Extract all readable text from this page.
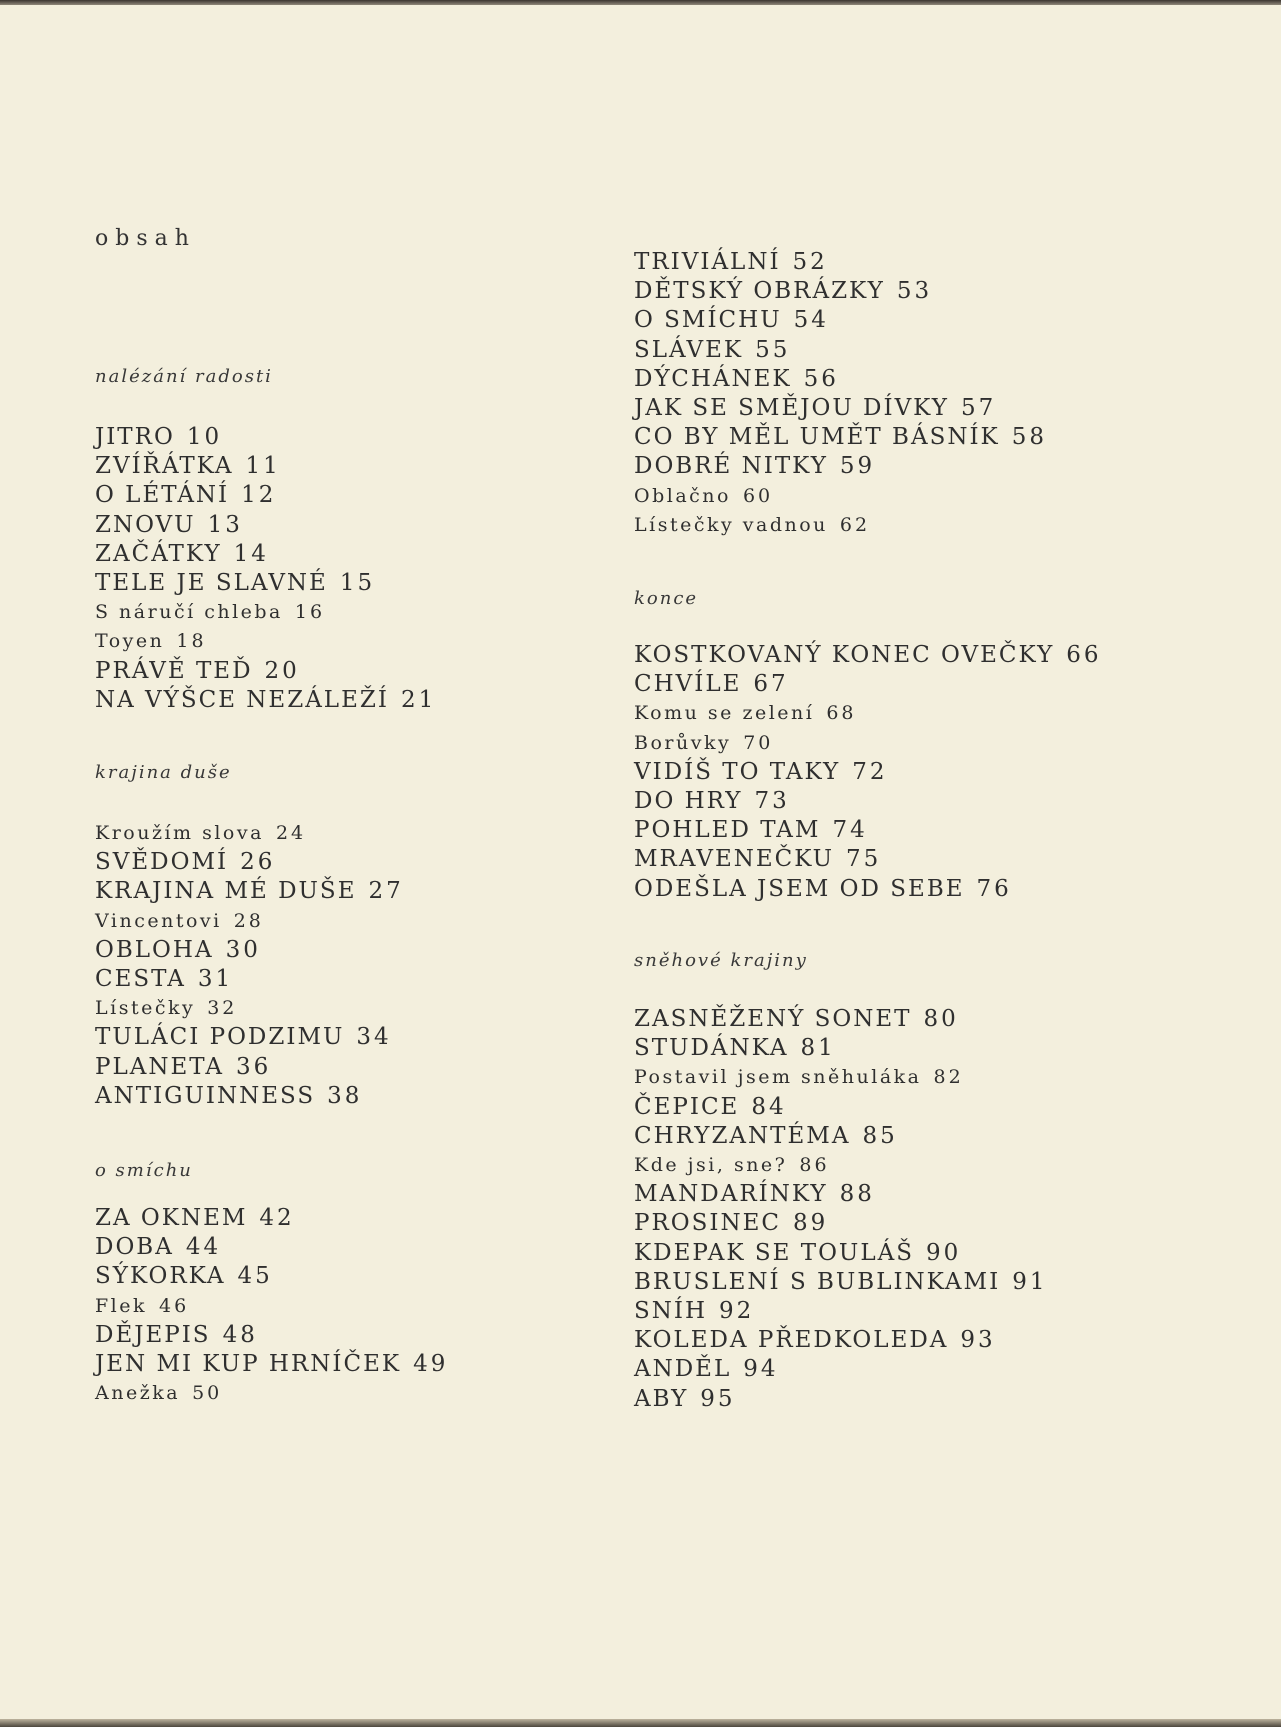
obsah
nalézání radosti
JITRO 10
ZVÍŘÁTKA 11
O LÉTÁNÍ 12
ZNOVU 13
ZAČÁTKY 14
TELE JE SLAVNÉ 15
S náručí chleba 16
Toyen 18
PRÁVĚ TEĎ 20
NA VÝŠCE NEZÁLEŽÍ 21
krajina duše
Kroužím slova 24
SVĚDOMÍ 26
KRAJINA MÉ DUŠE 27
Vincentovi 28
OBLOHA 30
CESTA 31
Lístečky 32
TULÁCI PODZIMU 34
PLANETA 36
ANTIGUINNESS 38
o smíchu
ZA OKNEM 42
DOBA 44
SÝKORKA 45
Flek 46
DĚJEPIS 48
JEN MI KUP HRNÍČEK 49
Anežka 50
TRIVIÁLNÍ 52
DĚTSKÝ OBRÁZKY 53
O SMÍCHU 54
SLÁVEK 55
DÝCHÁNEK 56
JAK SE SMĚJOU DÍVKY 57
CO BY MĚL UMĚT BÁSNÍK 58
DOBRÉ NITKY 59
Oblačno 60
Lístečky vadnou 62
konce
KOSTKOVANÝ KONEC OVEČKY 66
CHVÍLE 67
Komu se zelení 68
Borůvky 70
VIDÍŠ TO TAKY 72
DO HRY 73
POHLED TAM 74
MRAVENEČKU 75
ODEŠLA JSEM OD SEBE 76
sněhové krajiny
ZASNĚŽENÝ SONET 80
STUDÁNKA 81
Postavil jsem sněhuláka 82
ČEPICE 84
CHRYZANTÉMA 85
Kde jsi, sne? 86
MANDARÍNKY 88
PROSINEC 89
KDEPAK SE TOULÁŠ 90
BRUSLENÍ S BUBLINKAMI 91
SNÍH 92
KOLEDA PŘEDKOLEDA 93
ANDĚL 94
ABY 95
